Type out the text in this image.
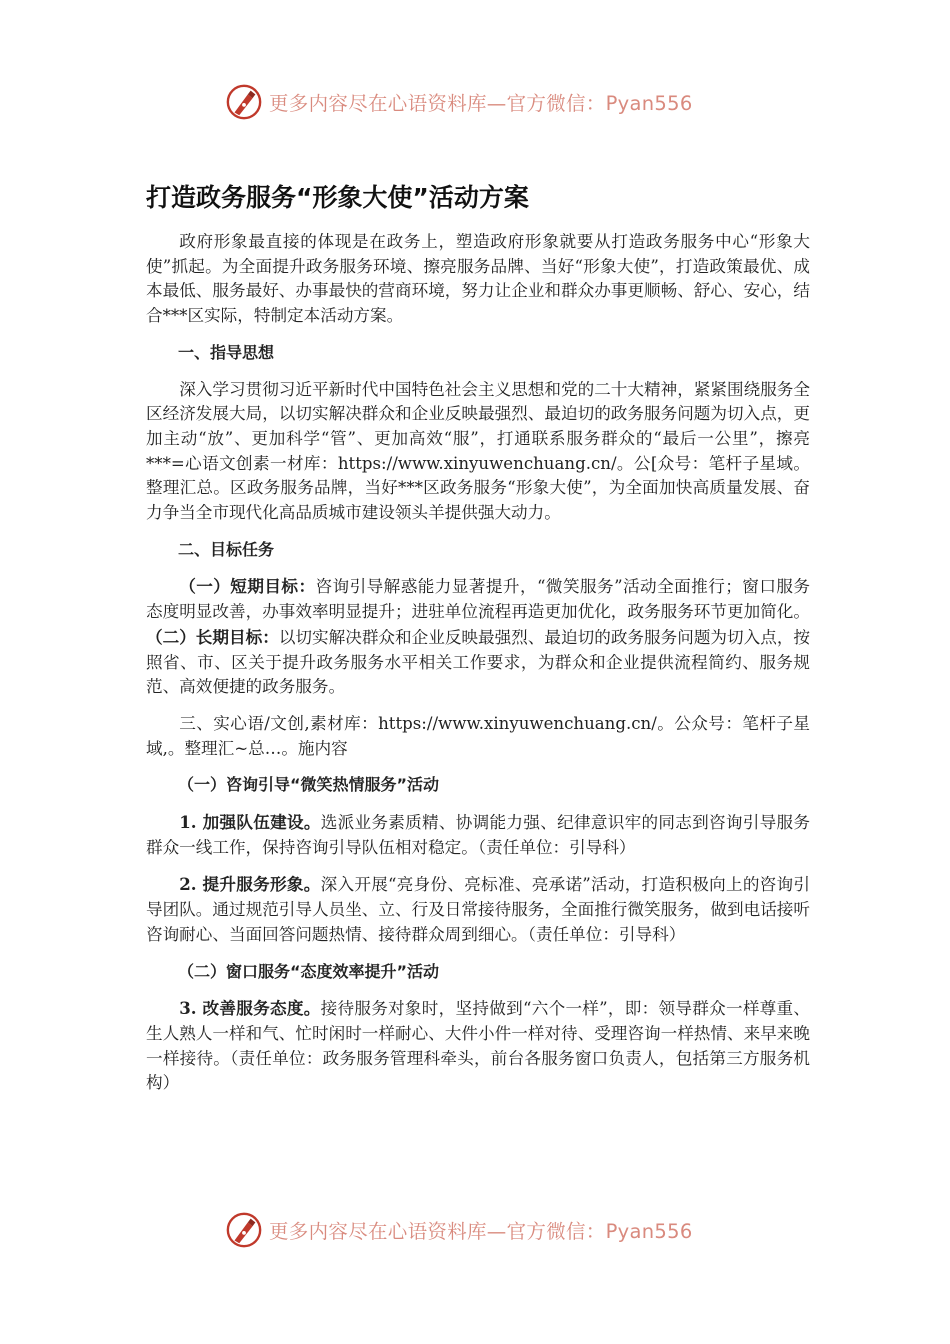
更多内容尽在心语资料库—官方微信：Pyan556
打造政务服务“形象大使”活动方案

政府形象最直接的体现是在政务上，塑造政府形象就要从打造政务服务中心“形象大使”抓起。为全面提升政务服务环境、擦亮服务品牌、当好“形象大使”，打造政策最优、成本最低、服务最好、办事最快的营商环境，努力让企业和群众办事更顺畅、舒心、安心，结合***区实际，特制定本活动方案。

一、指导思想

深入学习贯彻习近平新时代中国特色社会主义思想和党的二十大精神，紧紧围绕服务全区经济发展大局，以切实解决群众和企业反映最强烈、最迫切的政务服务问题为切入点，更加主动“放”、更加科学“管”、更加高效“服”，打通联系服务群众的“最后一公里”，擦亮***=心语文创素一材库：https://www.xinyuwenchuang.cn/。公[众号：笔杆子星域。整理汇总。区政务服务品牌，当好***区政务服务“形象大使”，为全面加快高质量发展、奋力争当全市现代化高品质城市建设领头羊提供强大动力。

二、目标任务

（一）短期目标：咨询引导解惑能力显著提升，“微笑服务”活动全面推行；窗口服务态度明显改善，办事效率明显提升；进驻单位流程再造更加优化，政务服务环节更加简化。（二）长期目标：以切实解决群众和企业反映最强烈、最迫切的政务服务问题为切入点，按照省、市、区关于提升政务服务水平相关工作要求，为群众和企业提供流程简约、服务规范、高效便捷的政务服务。

三、实心语/文创,素材库：https://www.xinyuwenchuang.cn/。公众号：笔杆子星域,。整理汇~总…。施内容

（一）咨询引导“微笑热情服务”活动

1. 加强队伍建设。选派业务素质精、协调能力强、纪律意识牢的同志到咨询引导服务群众一线工作，保持咨询引导队伍相对稳定。（责任单位：引导科）

2. 提升服务形象。深入开展“亮身份、亮标准、亮承诺”活动，打造积极向上的咨询引导团队。通过规范引导人员坐、立、行及日常接待服务，全面推行微笑服务，做到电话接听咨询耐心、当面回答问题热情、接待群众周到细心。（责任单位：引导科）

（二）窗口服务“态度效率提升”活动

3. 改善服务态度。接待服务对象时，坚持做到“六个一样”，即：领导群众一样尊重、生人熟人一样和气、忙时闲时一样耐心、大件小件一样对待、受理咨询一样热情、来早来晚一样接待。（责任单位：政务服务管理科牵头，前台各服务窗口负责人，包括第三方服务机构）

更多内容尽在心语资料库—官方微信：Pyan556
